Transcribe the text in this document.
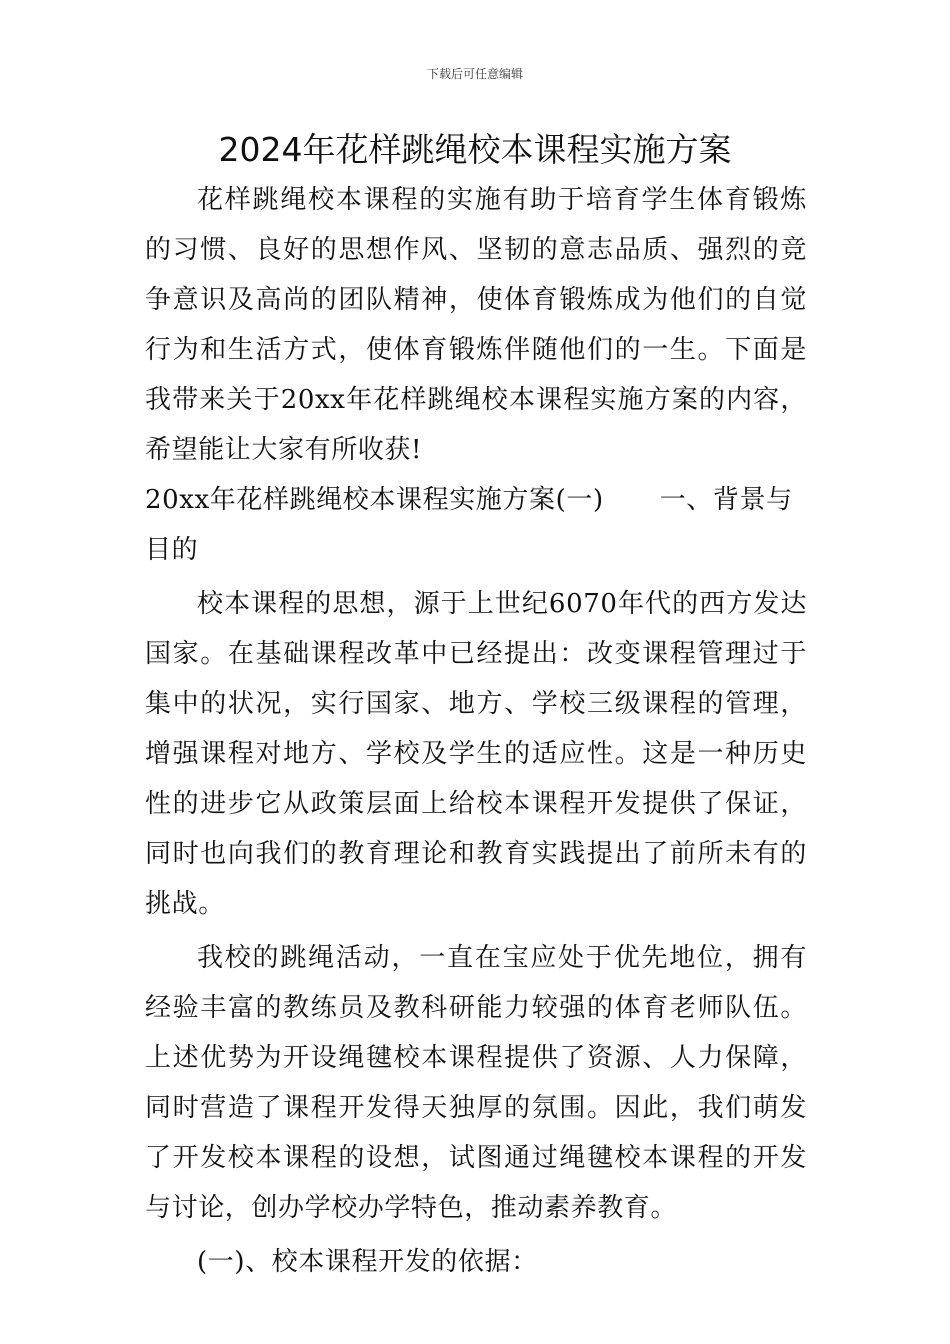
下载后可任意编辑
2024年花样跳绳校本课程实施方案

花样跳绳校本课程的实施有助于培育学生体育锻炼的习惯、良好的思想作风、坚韧的意志品质、强烈的竞争意识及高尚的团队精神，使体育锻炼成为他们的自觉行为和生活方式，使体育锻炼伴随他们的一生。下面是我带来关于20xx年花样跳绳校本课程实施方案的内容，希望能让大家有所收获!

20xx年花样跳绳校本课程实施方案(一) 一、背景与目的

校本课程的思想，源于上世纪6070年代的西方发达国家。在基础课程改革中已经提出：改变课程管理过于集中的状况，实行国家、地方、学校三级课程的管理，增强课程对地方、学校及学生的适应性。这是一种历史性的进步它从政策层面上给校本课程开发提供了保证，同时也向我们的教育理论和教育实践提出了前所未有的挑战。

我校的跳绳活动，一直在宝应处于优先地位，拥有经验丰富的教练员及教科研能力较强的体育老师队伍。上述优势为开设绳毽校本课程提供了资源、人力保障，同时营造了课程开发得天独厚的氛围。因此，我们萌发了开发校本课程的设想，试图通过绳毽校本课程的开发与讨论，创办学校办学特色，推动素养教育。

(一)、校本课程开发的依据：
